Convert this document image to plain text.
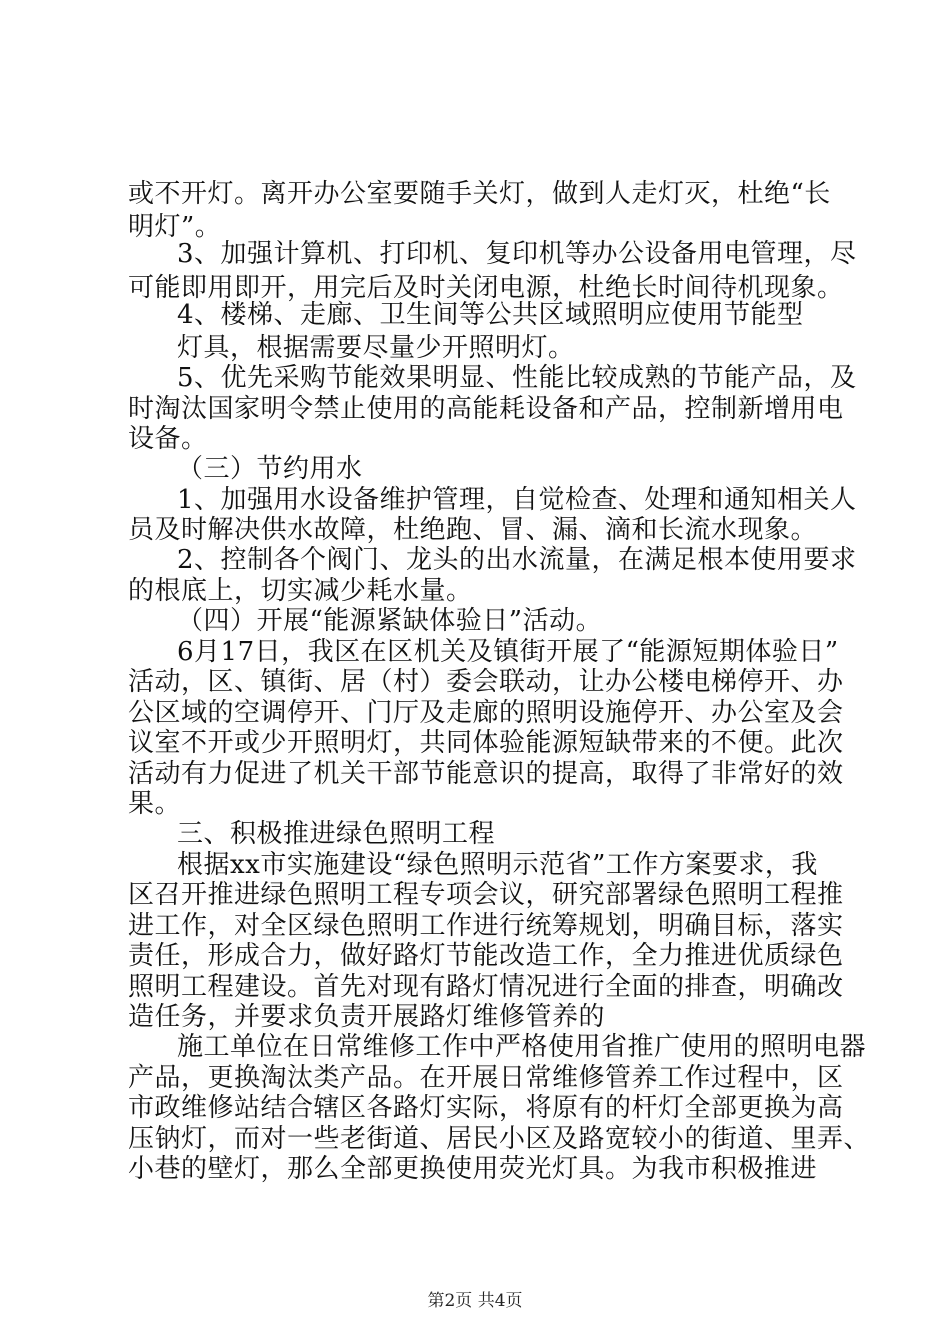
或不开灯。离开办公室要随手关灯，做到人走灯灭，杜绝“长
明灯”。
3、加强计算机、打印机、复印机等办公设备用电管理，尽
可能即用即开，用完后及时关闭电源，杜绝长时间待机现象。
4、楼梯、走廊、卫生间等公共区域照明应使用节能型
灯具，根据需要尽量少开照明灯。
5、优先采购节能效果明显、性能比较成熟的节能产品，及
时淘汰国家明令禁止使用的高能耗设备和产品，控制新增用电
设备。
（三）节约用水
1、加强用水设备维护管理，自觉检查、处理和通知相关人
员及时解决供水故障，杜绝跑、冒、漏、滴和长流水现象。
2、控制各个阀门、龙头的出水流量，在满足根本使用要求
的根底上，切实减少耗水量。
（四）开展“能源紧缺体验日”活动。
6月17日，我区在区机关及镇街开展了“能源短期体验日”
活动，区、镇街、居（村）委会联动，让办公楼电梯停开、办
公区域的空调停开、门厅及走廊的照明设施停开、办公室及会
议室不开或少开照明灯，共同体验能源短缺带来的不便。此次
活动有力促进了机关干部节能意识的提高，取得了非常好的效
果。
三、积极推进绿色照明工程
根据xx市实施建设“绿色照明示范省”工作方案要求，我
区召开推进绿色照明工程专项会议，研究部署绿色照明工程推
进工作，对全区绿色照明工作进行统筹规划，明确目标，落实
责任，形成合力，做好路灯节能改造工作，全力推进优质绿色
照明工程建设。首先对现有路灯情况进行全面的排查，明确改
造任务，并要求负责开展路灯维修管养的
施工单位在日常维修工作中严格使用省推广使用的照明电器
产品，更换淘汰类产品。在开展日常维修管养工作过程中，区
市政维修站结合辖区各路灯实际，将原有的杆灯全部更换为高
压钠灯，而对一些老街道、居民小区及路宽较小的街道、里弄、
小巷的壁灯，那么全部更换使用荧光灯具。为我市积极推进
第2页 共4页
